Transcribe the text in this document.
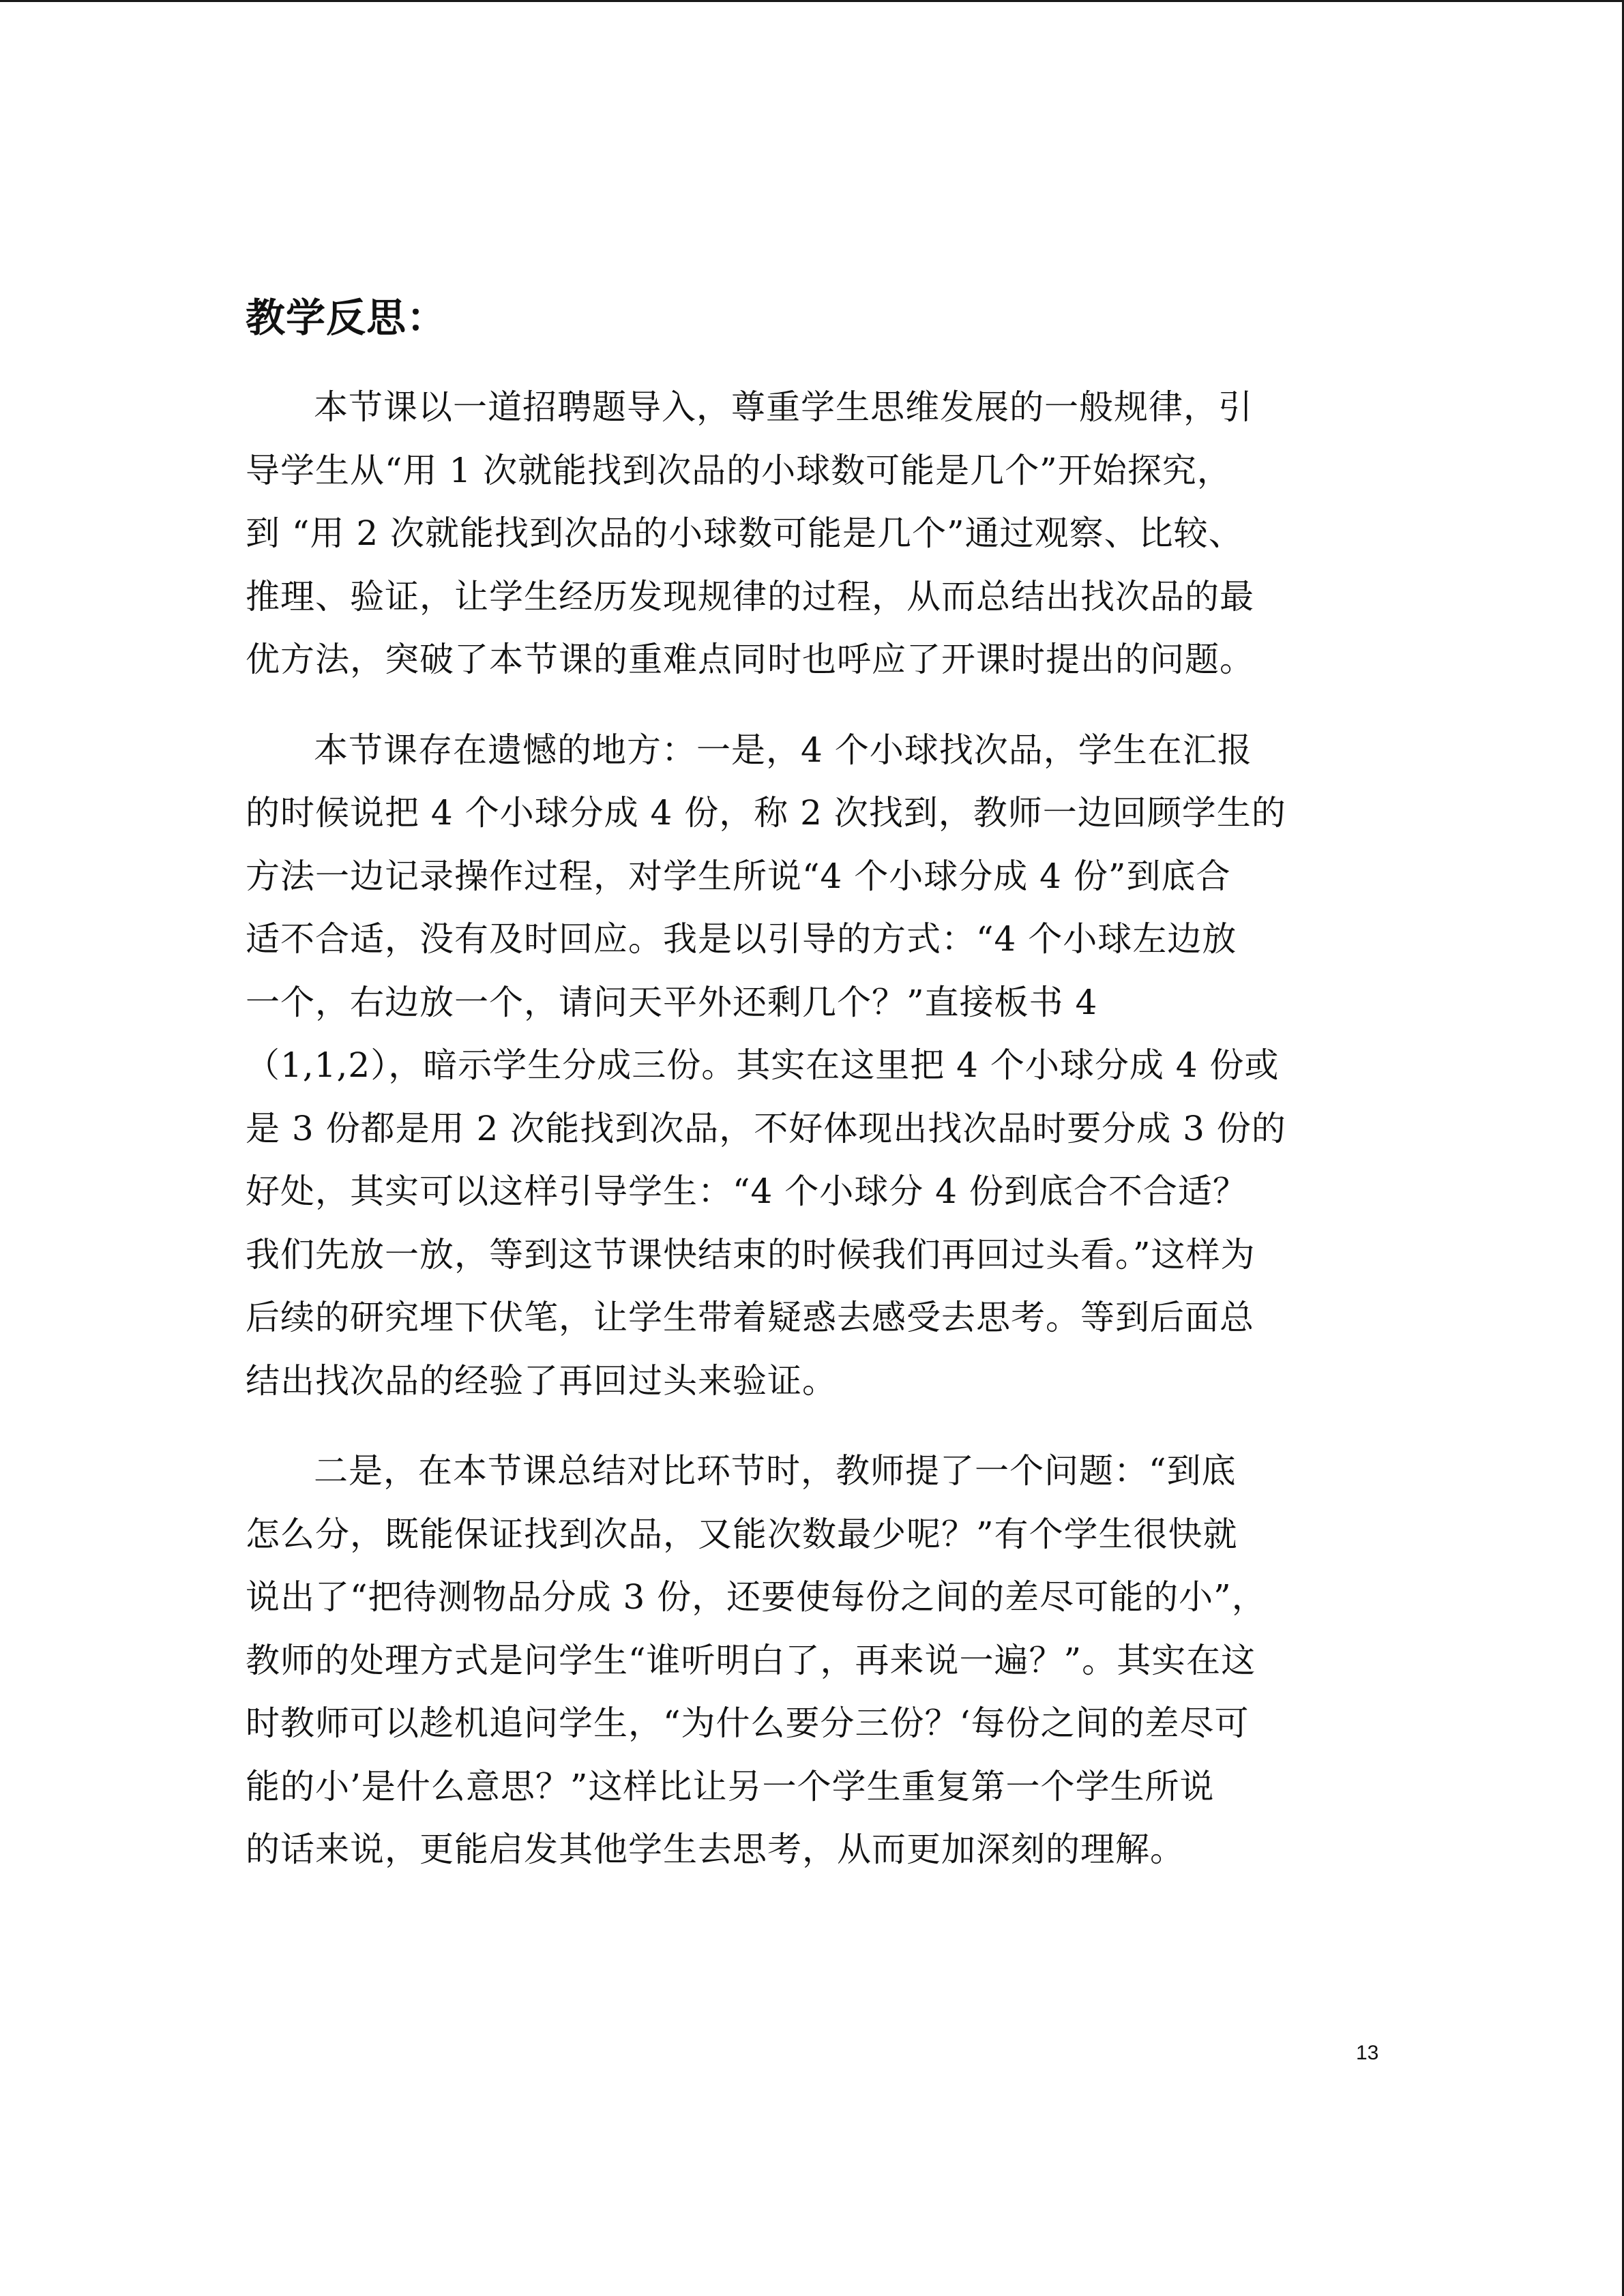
教学反思：
本节课以一道招聘题导入，尊重学生思维发展的一般规律，引
导学生从“用 1 次就能找到次品的小球数可能是几个”开始探究，
到 “用 2 次就能找到次品的小球数可能是几个”通过观察、比较、
推理、验证，让学生经历发现规律的过程，从而总结出找次品的最
优方法，突破了本节课的重难点同时也呼应了开课时提出的问题。
本节课存在遗憾的地方：一是，4 个小球找次品，学生在汇报
的时候说把 4 个小球分成 4 份，称 2 次找到，教师一边回顾学生的
方法一边记录操作过程，对学生所说“4 个小球分成 4 份”到底合
适不合适，没有及时回应。我是以引导的方式：“4 个小球左边放
一个，右边放一个，请问天平外还剩几个？”直接板书 4
（1,1,2），暗示学生分成三份。其实在这里把 4 个小球分成 4 份或
是 3 份都是用 2 次能找到次品，不好体现出找次品时要分成 3 份的
好处，其实可以这样引导学生：“4 个小球分 4 份到底合不合适？
我们先放一放，等到这节课快结束的时候我们再回过头看。”这样为
后续的研究埋下伏笔，让学生带着疑惑去感受去思考。等到后面总
结出找次品的经验了再回过头来验证。
二是，在本节课总结对比环节时，教师提了一个问题：“到底
怎么分，既能保证找到次品，又能次数最少呢？”有个学生很快就
说出了“把待测物品分成 3 份，还要使每份之间的差尽可能的小”，
教师的处理方式是问学生“谁听明白了，再来说一遍？”。其实在这
时教师可以趁机追问学生，“为什么要分三份？‘每份之间的差尽可
能的小’是什么意思？”这样比让另一个学生重复第一个学生所说
的话来说，更能启发其他学生去思考，从而更加深刻的理解。
13
